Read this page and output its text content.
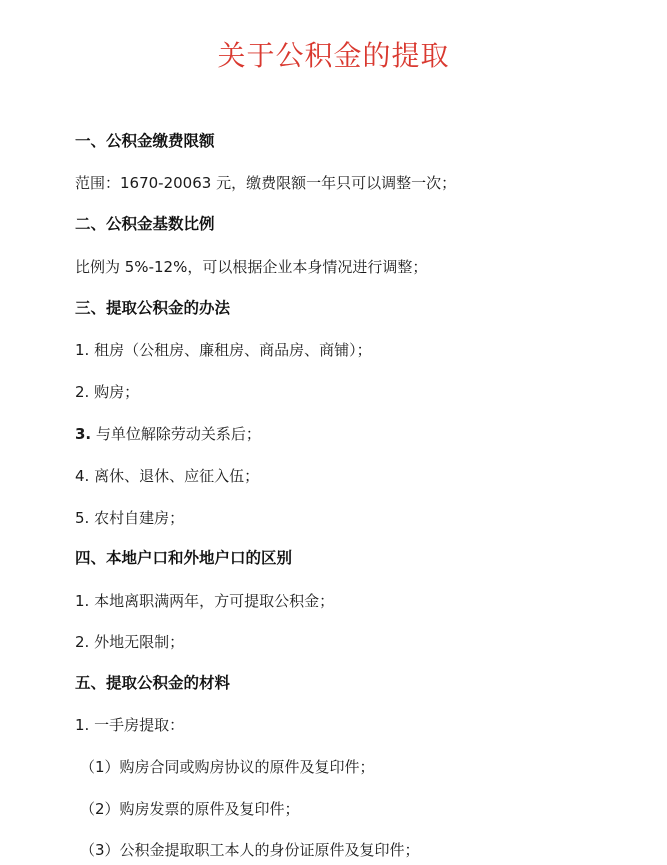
关于公积金的提取
一、公积金缴费限额
范围：1670-20063 元，缴费限额一年只可以调整一次；
二、公积金基数比例
比例为 5%-12%，可以根据企业本身情况进行调整；
三、提取公积金的办法
1. 租房（公租房、廉租房、商品房、商铺）；
2. 购房；
3. 与单位解除劳动关系后；
4. 离休、退休、应征入伍；
5. 农村自建房；
四、本地户口和外地户口的区别
1. 本地离职满两年，方可提取公积金；
2. 外地无限制；
五、提取公积金的材料
1. 一手房提取：
（1）购房合同或购房协议的原件及复印件；
（2）购房发票的原件及复印件；
（3）公积金提取职工本人的身份证原件及复印件；
